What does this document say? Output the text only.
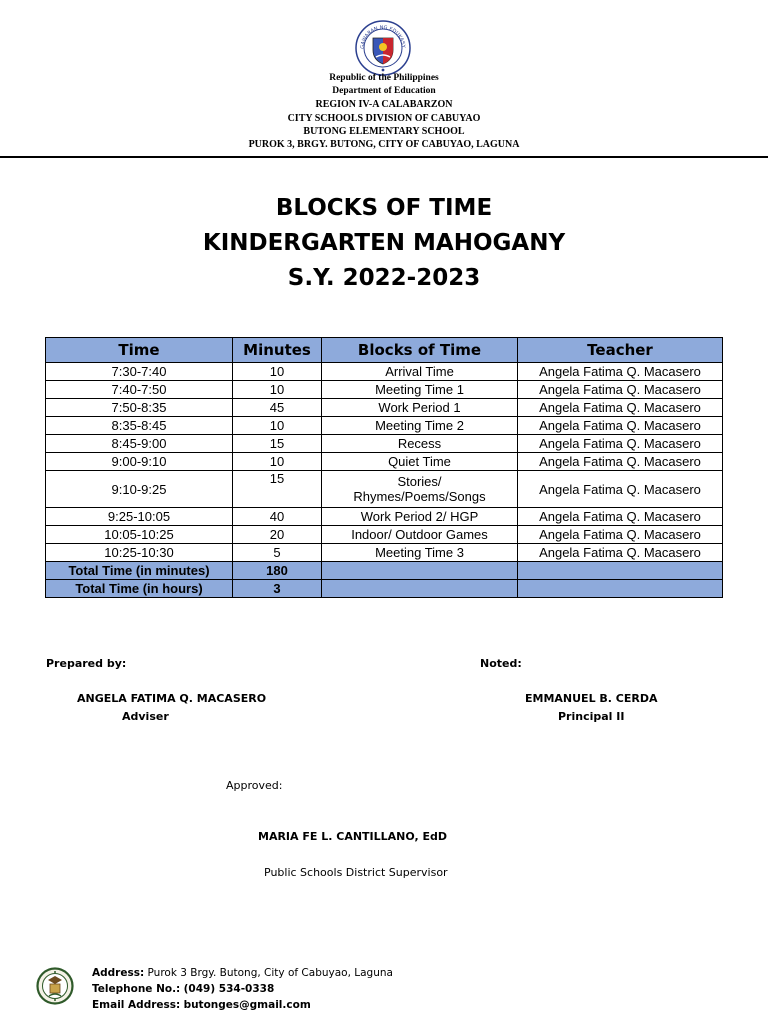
GAWARAN NG EDUKASY
Republic of the Philippines
Department of Education
REGION IV-A CALABARZON
CITY SCHOOLS DIVISION OF CABUYAO
BUTONG ELEMENTARY SCHOOL
PUROK 3, BRGY. BUTONG, CITY OF CABUYAO, LAGUNA
BLOCKS OF TIME
KINDERGARTEN MAHOGANY
S.Y. 2022-2023
Time	Minutes	Blocks of Time	Teacher
7:30-7:40	10	Arrival Time	Angela Fatima Q. Macasero
7:40-7:50	10	Meeting Time 1	Angela Fatima Q. Macasero
7:50-8:35	45	Work Period 1	Angela Fatima Q. Macasero
8:35-8:45	10	Meeting Time 2	Angela Fatima Q. Macasero
8:45-9:00	15	Recess	Angela Fatima Q. Macasero
9:00-9:10	10	Quiet Time	Angela Fatima Q. Macasero
9:10-9:25	15	Stories/
Rhymes/Poems/Songs	Angela Fatima Q. Macasero
9:25-10:05	40	Work Period 2/ HGP	Angela Fatima Q. Macasero
10:05-10:25	20	Indoor/ Outdoor Games	Angela Fatima Q. Macasero
10:25-10:30	5	Meeting Time 3	Angela Fatima Q. Macasero
Total Time (in minutes)	180		
Total Time (in hours)	3		
Prepared by:
ANGELA FATIMA Q. MACASERO
Adviser
Noted:
EMMANUEL B. CERDA
Principal II
Approved:
MARIA FE L. CANTILLANO, EdD
Public Schools District Supervisor
Address: Purok 3 Brgy. Butong, City of Cabuyao, Laguna
Telephone No.: (049) 534-0338
Email Address: butonges@gmail.com
